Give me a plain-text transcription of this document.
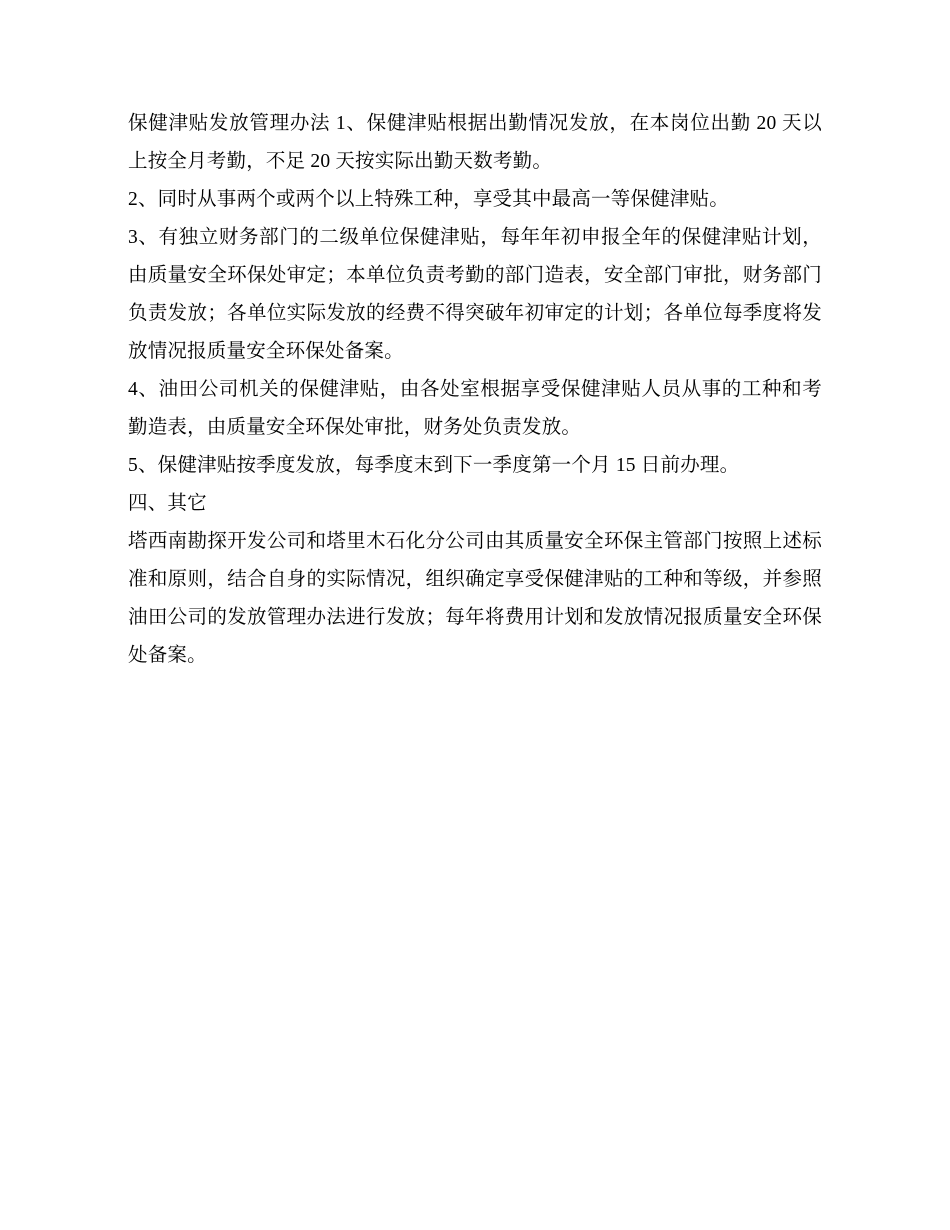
保健津贴发放管理办法 1、保健津贴根据出勤情况发放，在本岗位出勤 20 天以上按全月考勤，不足 20 天按实际出勤天数考勤。

2、同时从事两个或两个以上特殊工种，享受其中最高一等保健津贴。

3、有独立财务部门的二级单位保健津贴，每年年初申报全年的保健津贴计划，由质量安全环保处审定；本单位负责考勤的部门造表，安全部门审批，财务部门负责发放；各单位实际发放的经费不得突破年初审定的计划；各单位每季度将发放情况报质量安全环保处备案。

4、油田公司机关的保健津贴，由各处室根据享受保健津贴人员从事的工种和考勤造表，由质量安全环保处审批，财务处负责发放。

5、保健津贴按季度发放，每季度末到下一季度第一个月 15 日前办理。

四、其它

塔西南勘探开发公司和塔里木石化分公司由其质量安全环保主管部门按照上述标准和原则，结合自身的实际情况，组织确定享受保健津贴的工种和等级，并参照油田公司的发放管理办法进行发放；每年将费用计划和发放情况报质量安全环保处备案。
